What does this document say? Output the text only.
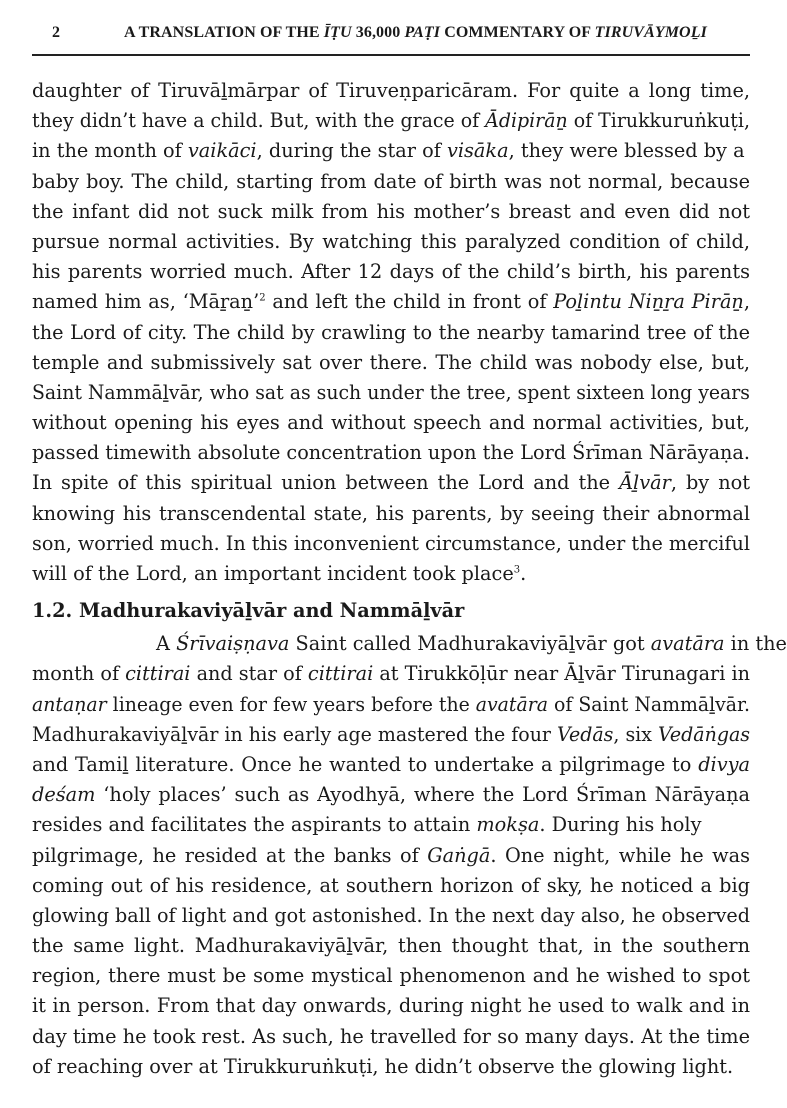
2	A TRANSLATION OF THE ĪṬU 36,000 PAṬI COMMENTARY OF TIRUVĀYMOḺI
daughter of Tiruvāḻmārpar of Tiruveṇparicāram. For quite a long time,
they didn’t have a child. But, with the grace of Ādipirāṉ of Tirukkuruṅkuṭi,
in the month of vaikāci, during the star of visāka, they were blessed by a
baby boy. The child, starting from date of birth was not normal, because
the infant did not suck milk from his mother’s breast and even did not
pursue normal activities. By watching this paralyzed condition of child,
his parents worried much. After 12 days of the child’s birth, his parents
named him as, ‘Māṟaṉ’$^2$ and left the child in front of Poḻintu Niṉṟa Pirāṉ,
the Lord of city. The child by crawling to the nearby tamarind tree of the
temple and submissively sat over there. The child was nobody else, but,
Saint Nammāḻvār, who sat as such under the tree, spent sixteen long years
without opening his eyes and without speech and normal activities, but,
passed timewith absolute concentration upon the Lord Śrīman Nārāyaṇa.
In spite of this spiritual union between the Lord and the Āḻvār, by not
knowing his transcendental state, his parents, by seeing their abnormal
son, worried much. In this inconvenient circumstance, under the merciful
will of the Lord, an important incident took place$^3$.
1.2. Madhurakaviyāḻvār and Nammāḻvār
A Śrīvaiṣṇava Saint called Madhurakaviyāḻvār got avatāra in the
month of cittirai and star of cittirai at Tirukkōḷūr near Āḻvār Tirunagari in
antaṇar lineage even for few years before the avatāra of Saint Nammāḻvār.
Madhurakaviyāḻvār in his early age mastered the four Vedās, six Vedāṅgas
and Tamiḻ literature. Once he wanted to undertake a pilgrimage to divya
deśam ‘holy places’ such as Ayodhyā, where the Lord Śrīman Nārāyaṇa
resides and facilitates the aspirants to attain mokṣa. During his holy
pilgrimage, he resided at the banks of Gaṅgā. One night, while he was
coming out of his residence, at southern horizon of sky, he noticed a big
glowing ball of light and got astonished. In the next day also, he observed
the same light. Madhurakaviyāḻvār, then thought that, in the southern
region, there must be some mystical phenomenon and he wished to spot
it in person. From that day onwards, during night he used to walk and in
day time he took rest. As such, he travelled for so many days. At the time
of reaching over at Tirukkuruṅkuṭi, he didn’t observe the glowing light.
